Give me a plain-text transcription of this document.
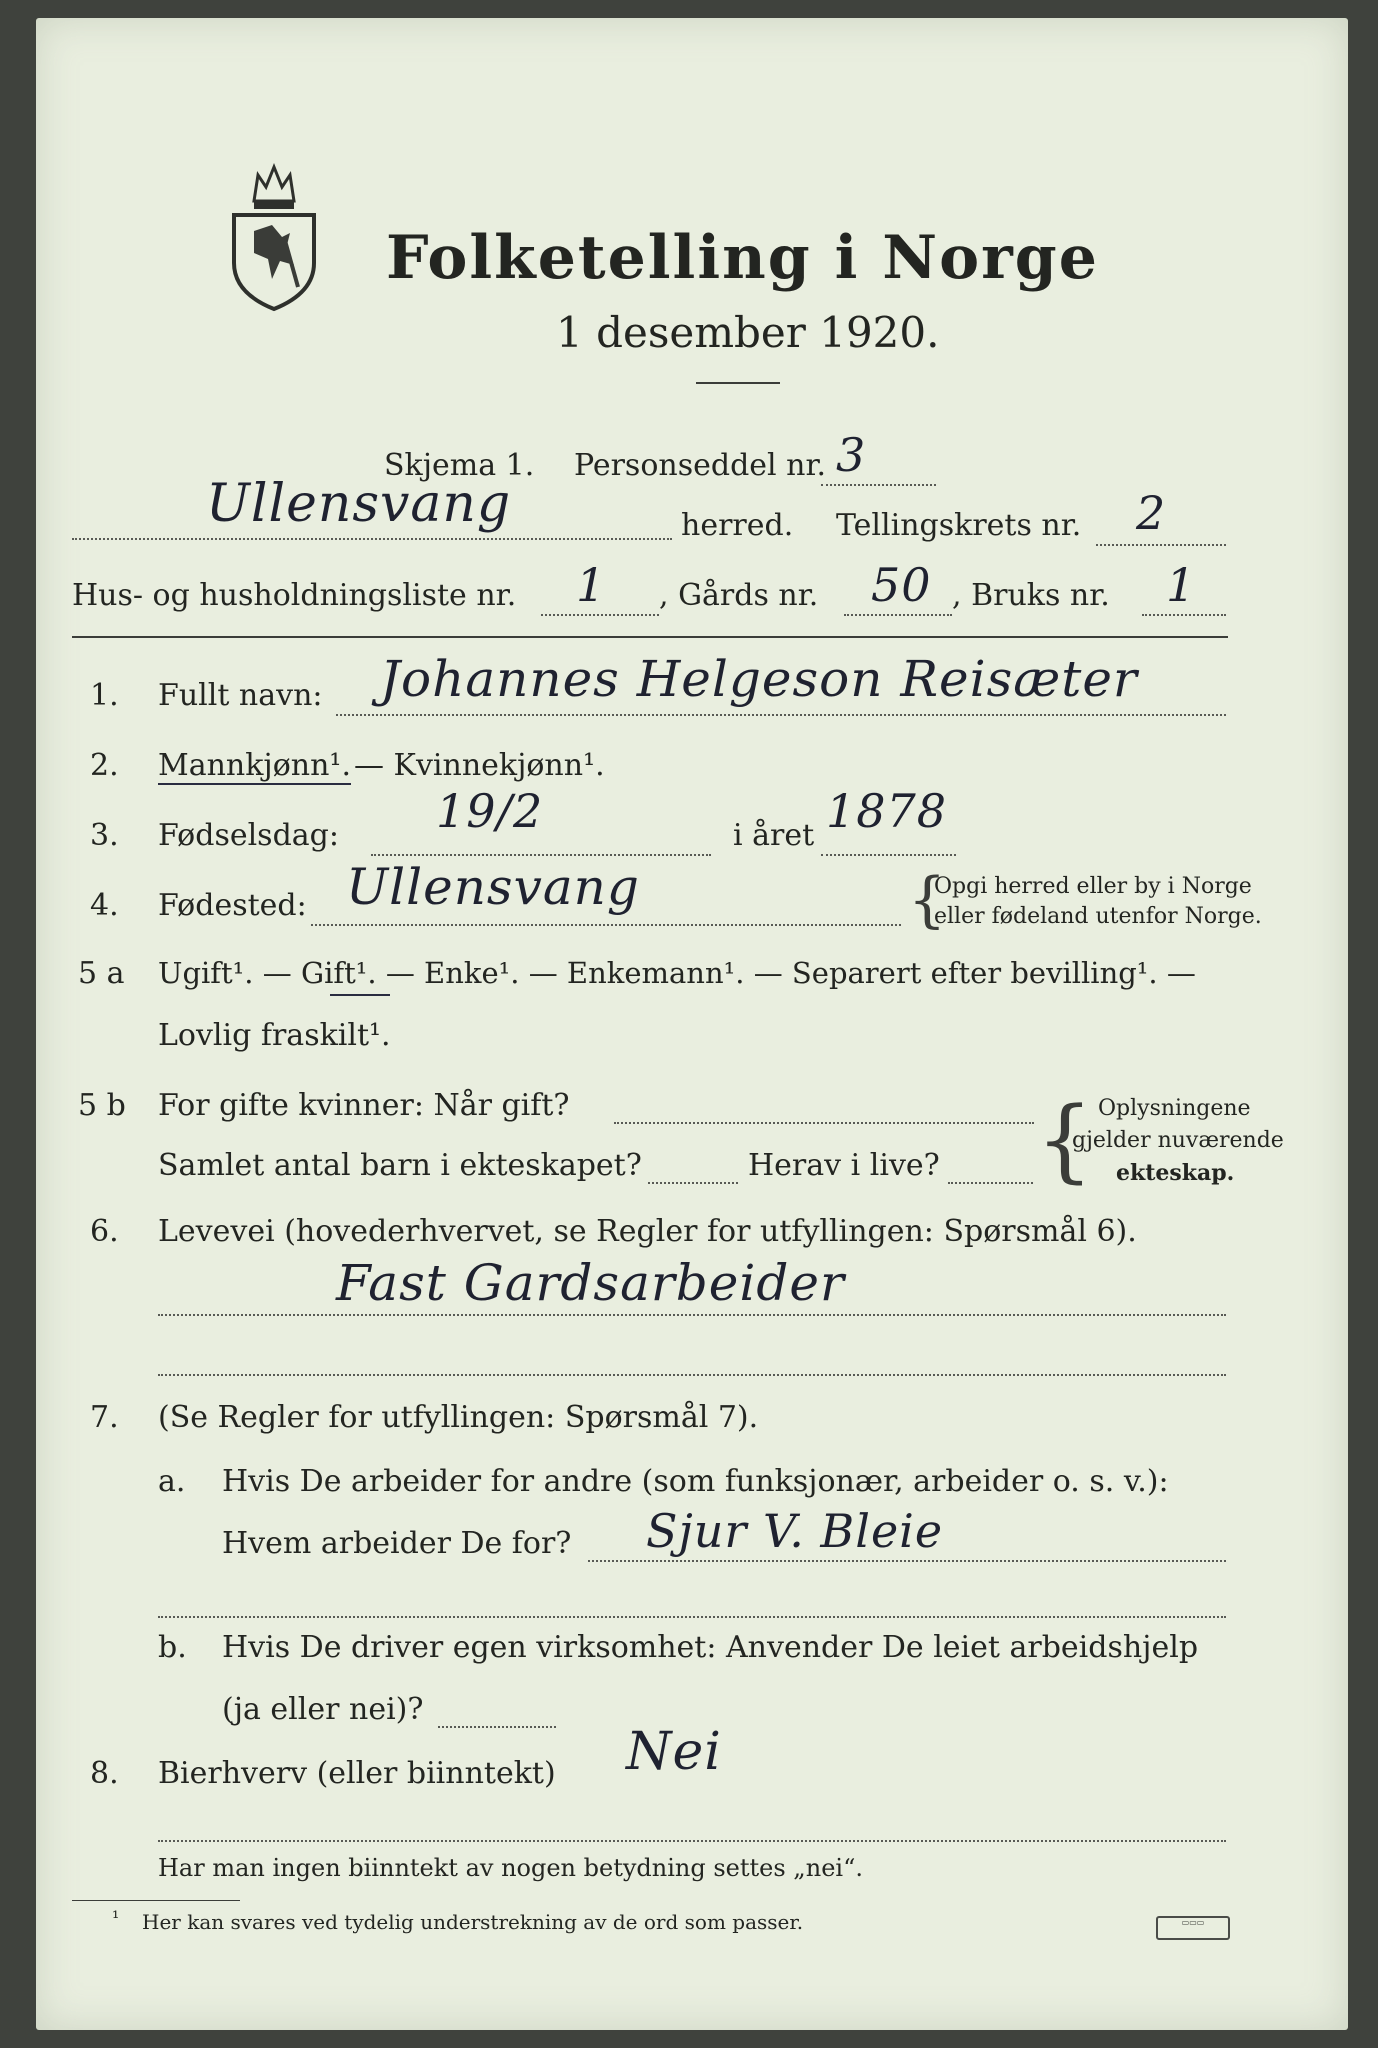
Folketelling i Norge
1 desember 1920.
Skjema 1. Personseddel nr. 3
Ullensvang	herred. Tellingskrets nr. 2
Hus- og husholdningsliste nr. 1 , Gårds nr. 50 , Bruks nr. 1
1. Fullt navn: Johannes Helgeson Reisæter
2. Mannkjønn¹. — Kvinnekjønn¹.
3. Fødselsdag: 19/2	i året 1878
4. Fødested: Ullensvang	{
Opgi herred eller by i Norge
eller fødeland utenfor Norge.
5 a Ugift¹. — Gift¹. — Enke¹. — Enkemann¹. — Separert efter bevilling¹. —
Lovlig fraskilt¹.
5 b For gifte kvinner: Når gift?
Samlet antal barn i ekteskapet?	Herav i live? { Oplysningene
gjelder nuværende
ekteskap.
6. Levevei (hovederhvervet, se Regler for utfyllingen: Spørsmål 6).
Fast Gardsarbeider
7. (Se Regler for utfyllingen: Spørsmål 7).
a. Hvis De arbeider for andre (som funksjonær, arbeider o. s. v.):
Hvem arbeider De for? Sjur V. Bleie
b. Hvis De driver egen virksomhet: Anvender De leiet arbeidshjelp
(ja eller nei)?
8. Bierhverv (eller biinntekt) Nei
Har man ingen biinntekt av nogen betydning settes „nei“.
¹ Her kan svares ved tydelig understrekning av de ord som passer.	▭▭▭
